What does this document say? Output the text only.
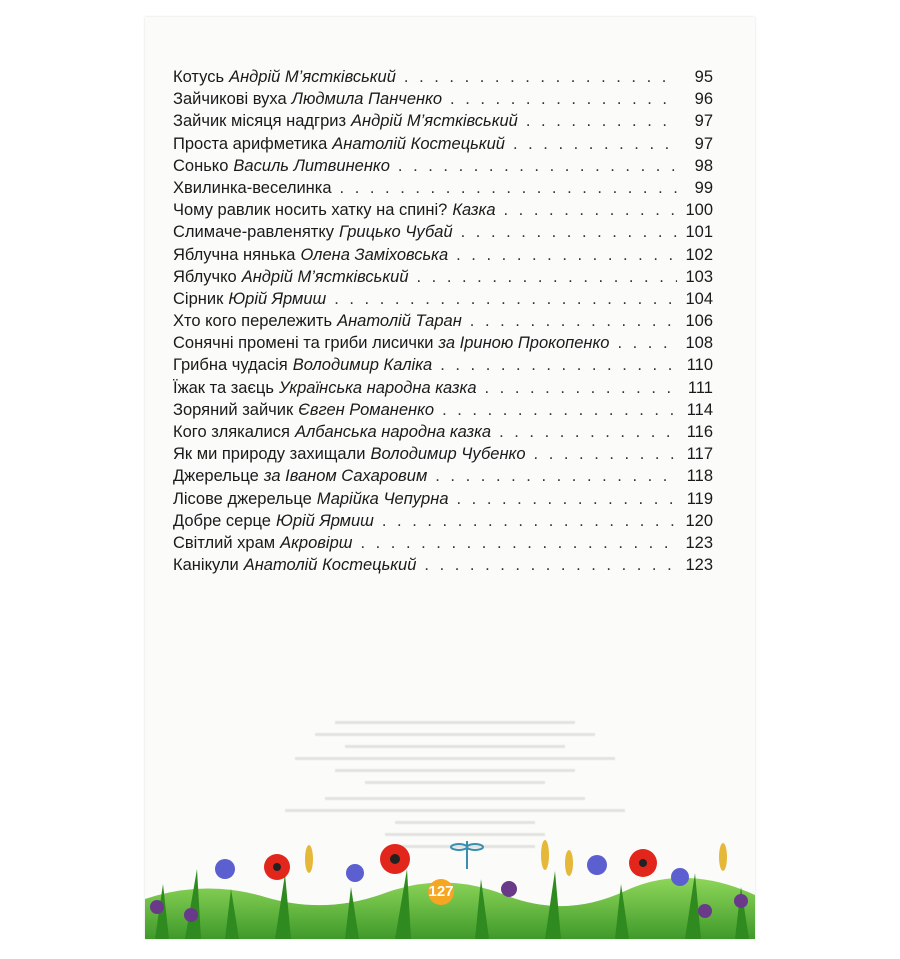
Котусь Андрій М’ястківський . . .	95
Зайчикові вуха Людмила Панченко . . .	96
Зайчик місяця надгриз Андрій М’ястківський . . .	97
Проста арифметика Анатолій Костецький . . .	97
Сонько Василь Литвиненко . . .	98
Хвилинка-веселинка . . .	99
Чому равлик носить хатку на спині? Казка . . .	100
Слимаче-равленятку Грицько Чубай . . .	101
Яблучна нянька Олена Заміховська . . .	102
Яблучко Андрій М’ястківський . . .	103
Сірник Юрій Ярмиш . . .	104
Хто кого перележить Анатолій Таран . . .	106
Сонячні промені та гриби лисички за Іриною Прокопенко . . .	108
Грибна чудасія Володимир Каліка . . .	110
Їжак та заєць Українська народна казка . . .	111
Зоряний зайчик Євген Романенко . . .	114
Кого злякалися Албанська народна казка . . .	116
Як ми природу захищали Володимир Чубенко . . .	117
Джерельце за Іваном Сахаровим . . .	118
Лісове джерельце Марійка Чепурна . . .	119
Добре серце Юрій Ярмиш . . .	120
Світлий храм Акровірш . . .	123
Канікули Анатолій Костецький . . .	123
127
